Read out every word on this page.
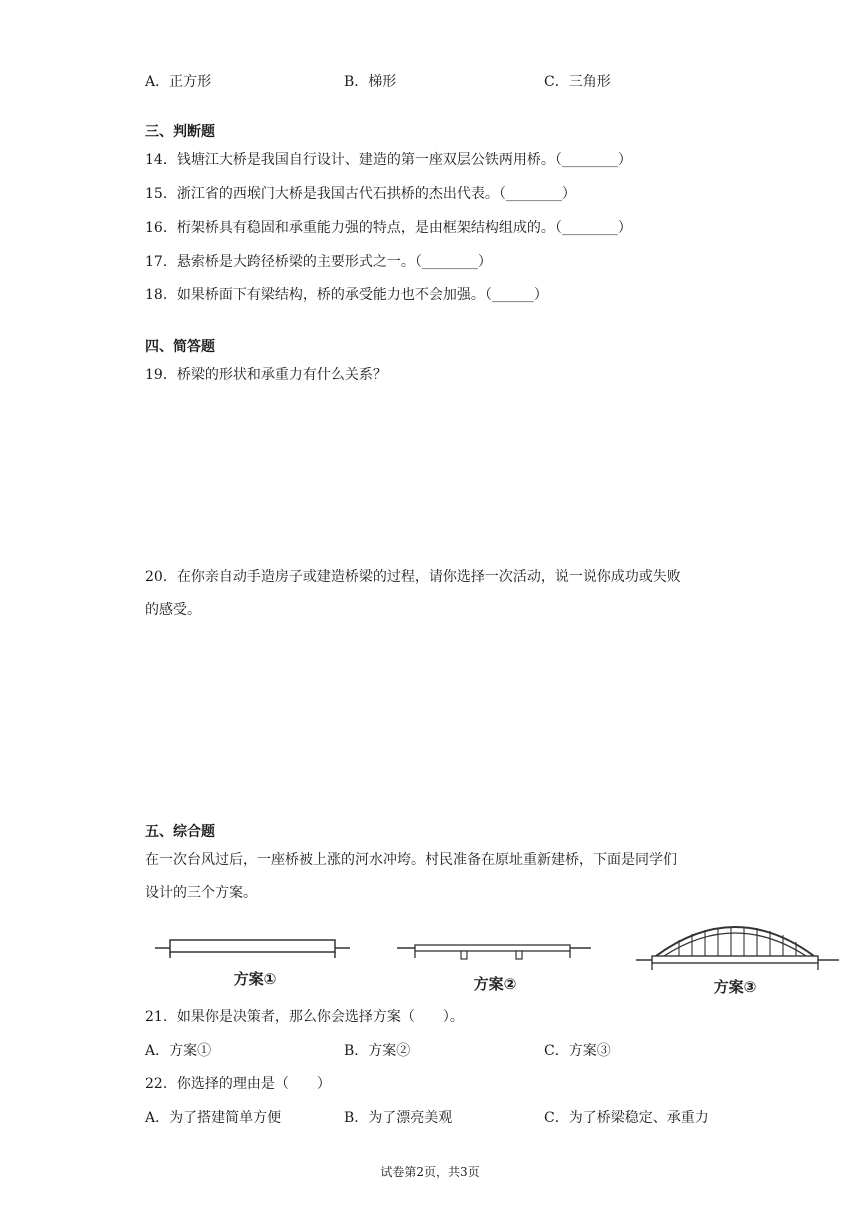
A．正方形	B．梯形	C．三角形
三、判断题
14．钱塘江大桥是我国自行设计、建造的第一座双层公铁两用桥。（________）
15．浙江省的西堠门大桥是我国古代石拱桥的杰出代表。（________）
16．桁架桥具有稳固和承重能力强的特点，是由框架结构组成的。（________）
17．悬索桥是大跨径桥梁的主要形式之一。（________）
18．如果桥面下有梁结构，桥的承受能力也不会加强。（______）
四、简答题
19．桥梁的形状和承重力有什么关系？
20．在你亲自动手造房子或建造桥梁的过程，请你选择一次活动，说一说你成功或失败
的感受。
五、综合题
在一次台风过后，一座桥被上涨的河水冲垮。村民准备在原址重新建桥，下面是同学们
设计的三个方案。
方案①	方案②	方案③
21．如果你是决策者，那么你会选择方案（　　）。
A．方案①	B．方案②	C．方案③
22．你选择的理由是（　　）
A．为了搭建简单方便	B．为了漂亮美观	C．为了桥梁稳定、承重力
试卷第2页，共3页
